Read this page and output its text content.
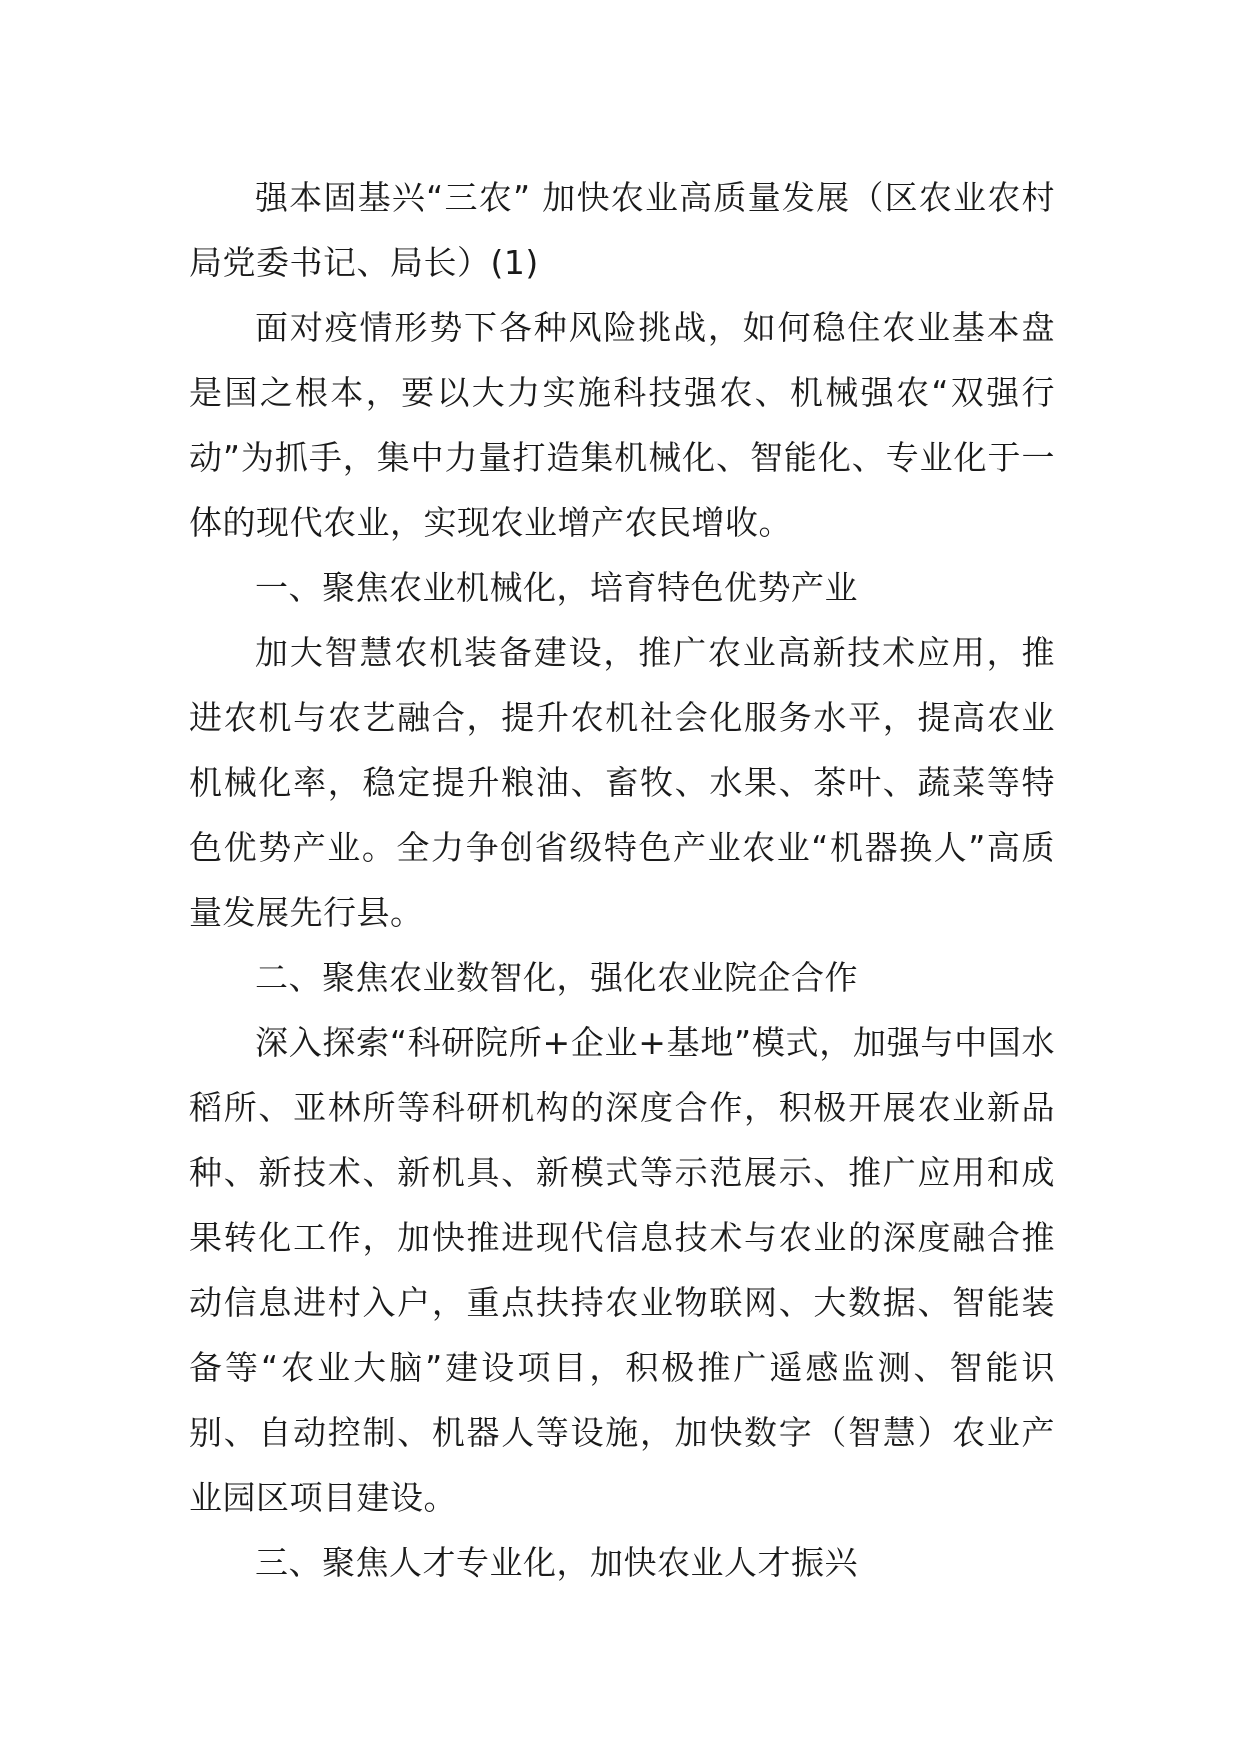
强本固基兴“三农” 加快农业高质量发展（区农业农村局党委书记、局长）(1)

面对疫情形势下各种风险挑战，如何稳住农业基本盘是国之根本，要以大力实施科技强农、机械强农“双强行动”为抓手，集中力量打造集机械化、智能化、专业化于一体的现代农业，实现农业增产农民增收。

一、聚焦农业机械化，培育特色优势产业

加大智慧农机装备建设，推广农业高新技术应用，推进农机与农艺融合，提升农机社会化服务水平，提高农业机械化率，稳定提升粮油、畜牧、水果、茶叶、蔬菜等特色优势产业。全力争创省级特色产业农业“机器换人”高质量发展先行县。

二、聚焦农业数智化，强化农业院企合作

深入探索“科研院所+企业+基地”模式，加强与中国水稻所、亚林所等科研机构的深度合作，积极开展农业新品种、新技术、新机具、新模式等示范展示、推广应用和成果转化工作，加快推进现代信息技术与农业的深度融合推动信息进村入户，重点扶持农业物联网、大数据、智能装备等“农业大脑”建设项目，积极推广遥感监测、智能识别、自动控制、机器人等设施，加快数字（智慧）农业产业园区项目建设。

三、聚焦人才专业化，加快农业人才振兴
